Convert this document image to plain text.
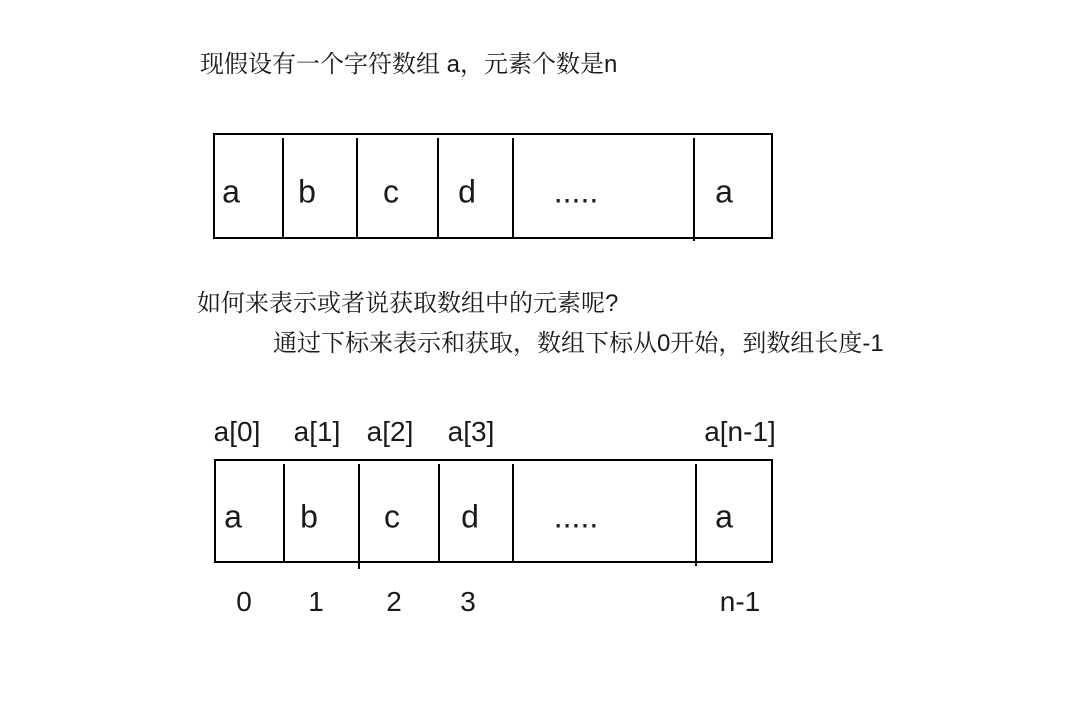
现假设有一个字符数组 a，元素个数是n
a b c d .....	a
如何来表示或者说获取数组中的元素呢?
通过下标来表示和获取，数组下标从0开始，到数组长度-1
a[0] a[1] a[2] a[3]	a[n-1]
a b c d .....	a
0 1 2 3	n-1
